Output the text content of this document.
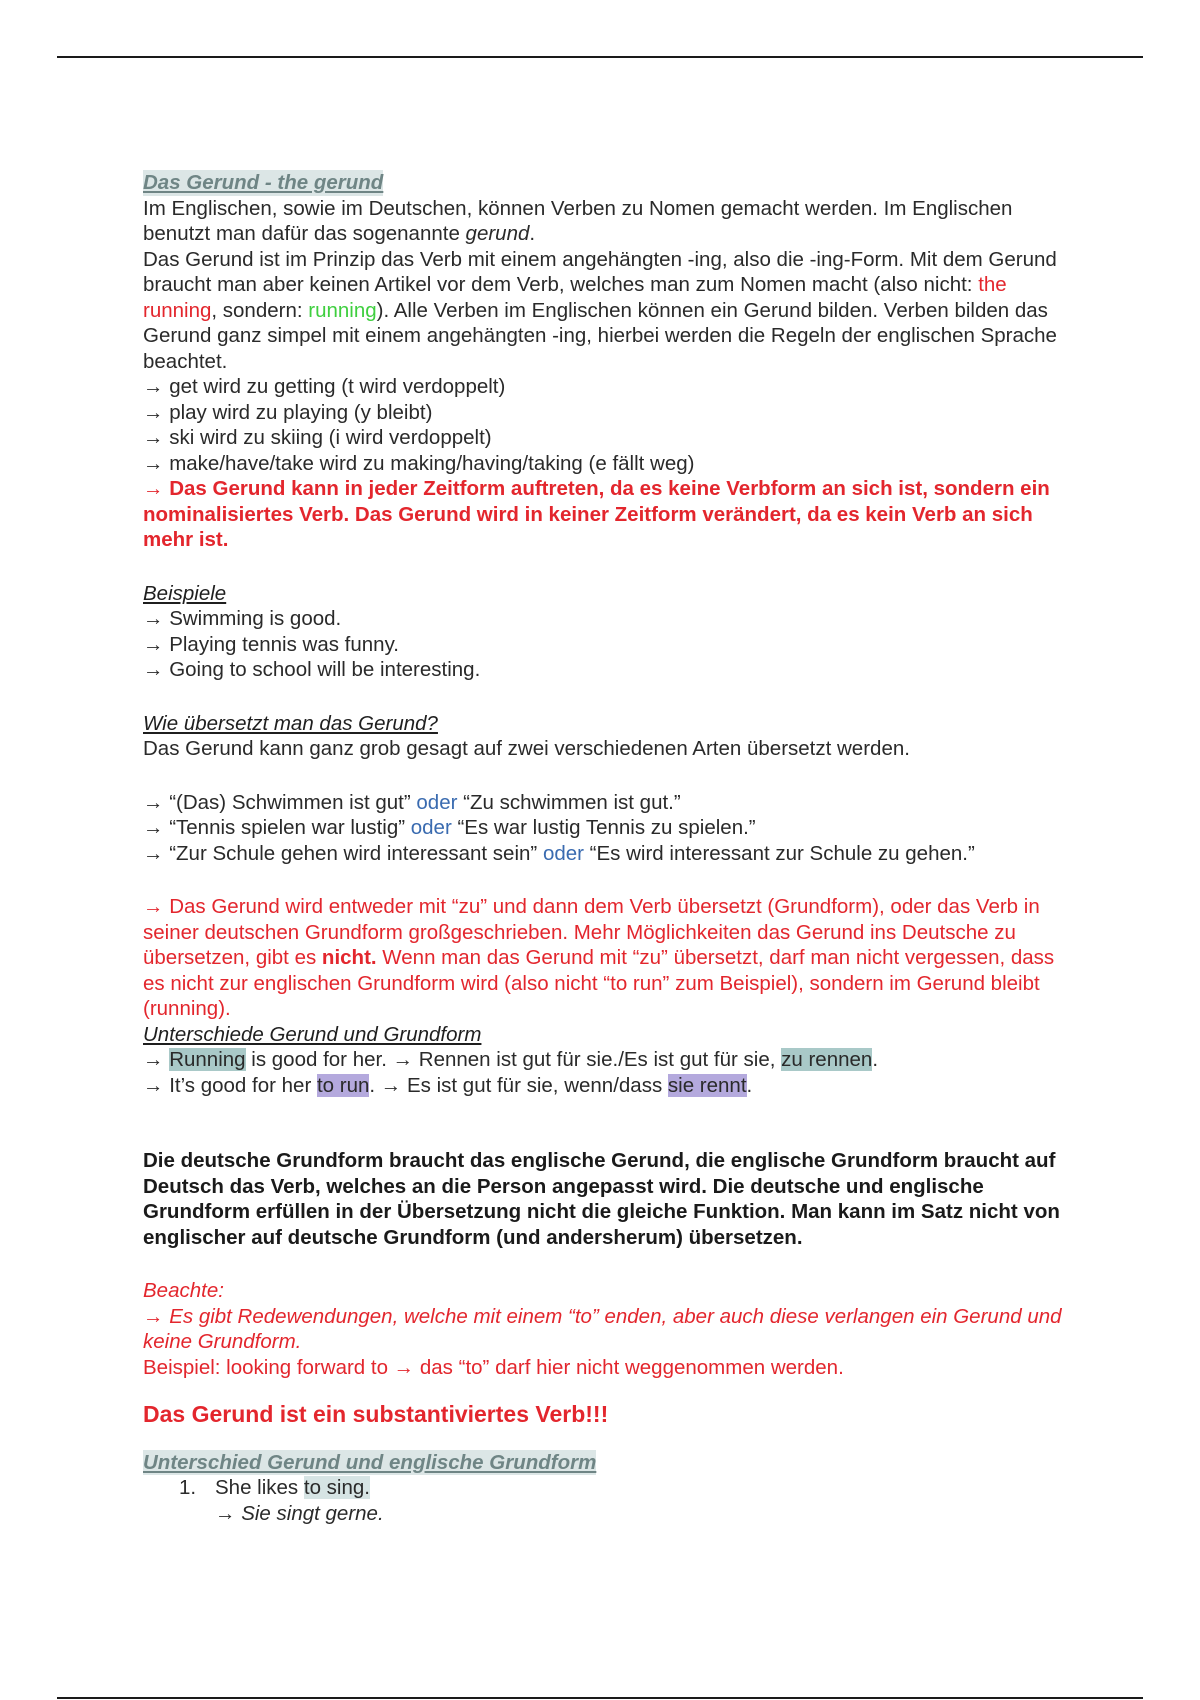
Das Gerund - the gerund

Im Englischen, sowie im Deutschen, können Verben zu Nomen gemacht werden. Im Englischen benutzt man dafür das sogenannte gerund.

Das Gerund ist im Prinzip das Verb mit einem angehängten -ing, also die -ing-Form. Mit dem Gerund braucht man aber keinen Artikel vor dem Verb, welches man zum Nomen macht (also nicht: the running, sondern: running). Alle Verben im Englischen können ein Gerund bilden. Verben bilden das Gerund ganz simpel mit einem angehängten -ing, hierbei werden die Regeln der englischen Sprache beachtet.

→ get wird zu getting (t wird verdoppelt)

→ play wird zu playing (y bleibt)

→ ski wird zu skiing (i wird verdoppelt)

→ make/have/take wird zu making/having/taking (e fällt weg)

→ Das Gerund kann in jeder Zeitform auftreten, da es keine Verbform an sich ist, sondern ein nominalisiertes Verb. Das Gerund wird in keiner Zeitform verändert, da es kein Verb an sich mehr ist.

Beispiele

→ Swimming is good.

→ Playing tennis was funny.

→ Going to school will be interesting.

Wie übersetzt man das Gerund?

Das Gerund kann ganz grob gesagt auf zwei verschiedenen Arten übersetzt werden.

→ “(Das) Schwimmen ist gut” oder “Zu schwimmen ist gut.”

→ “Tennis spielen war lustig” oder “Es war lustig Tennis zu spielen.”

→ “Zur Schule gehen wird interessant sein” oder “Es wird interessant zur Schule zu gehen.”

→ Das Gerund wird entweder mit “zu” und dann dem Verb übersetzt (Grundform), oder das Verb in seiner deutschen Grundform großgeschrieben. Mehr Möglichkeiten das Gerund ins Deutsche zu übersetzen, gibt es nicht. Wenn man das Gerund mit “zu” übersetzt, darf man nicht vergessen, dass es nicht zur englischen Grundform wird (also nicht “to run” zum Beispiel), sondern im Gerund bleibt (running).

Unterschiede Gerund und Grundform

→ Running is good for her. → Rennen ist gut für sie./Es ist gut für sie, zu rennen.

→ It’s good for her to run. → Es ist gut für sie, wenn/dass sie rennt.

Die deutsche Grundform braucht das englische Gerund, die englische Grundform braucht auf Deutsch das Verb, welches an die Person angepasst wird. Die deutsche und englische Grundform erfüllen in der Übersetzung nicht die gleiche Funktion. Man kann im Satz nicht von englischer auf deutsche Grundform (und andersherum) übersetzen.

Beachte:

→ Es gibt Redewendungen, welche mit einem “to” enden, aber auch diese verlangen ein Gerund und keine Grundform.

Beispiel: looking forward to → das “to” darf hier nicht weggenommen werden.

Das Gerund ist ein substantiviertes Verb!!!

Unterschied Gerund und englische Grundform

1. She likes to sing.

→ Sie singt gerne.
